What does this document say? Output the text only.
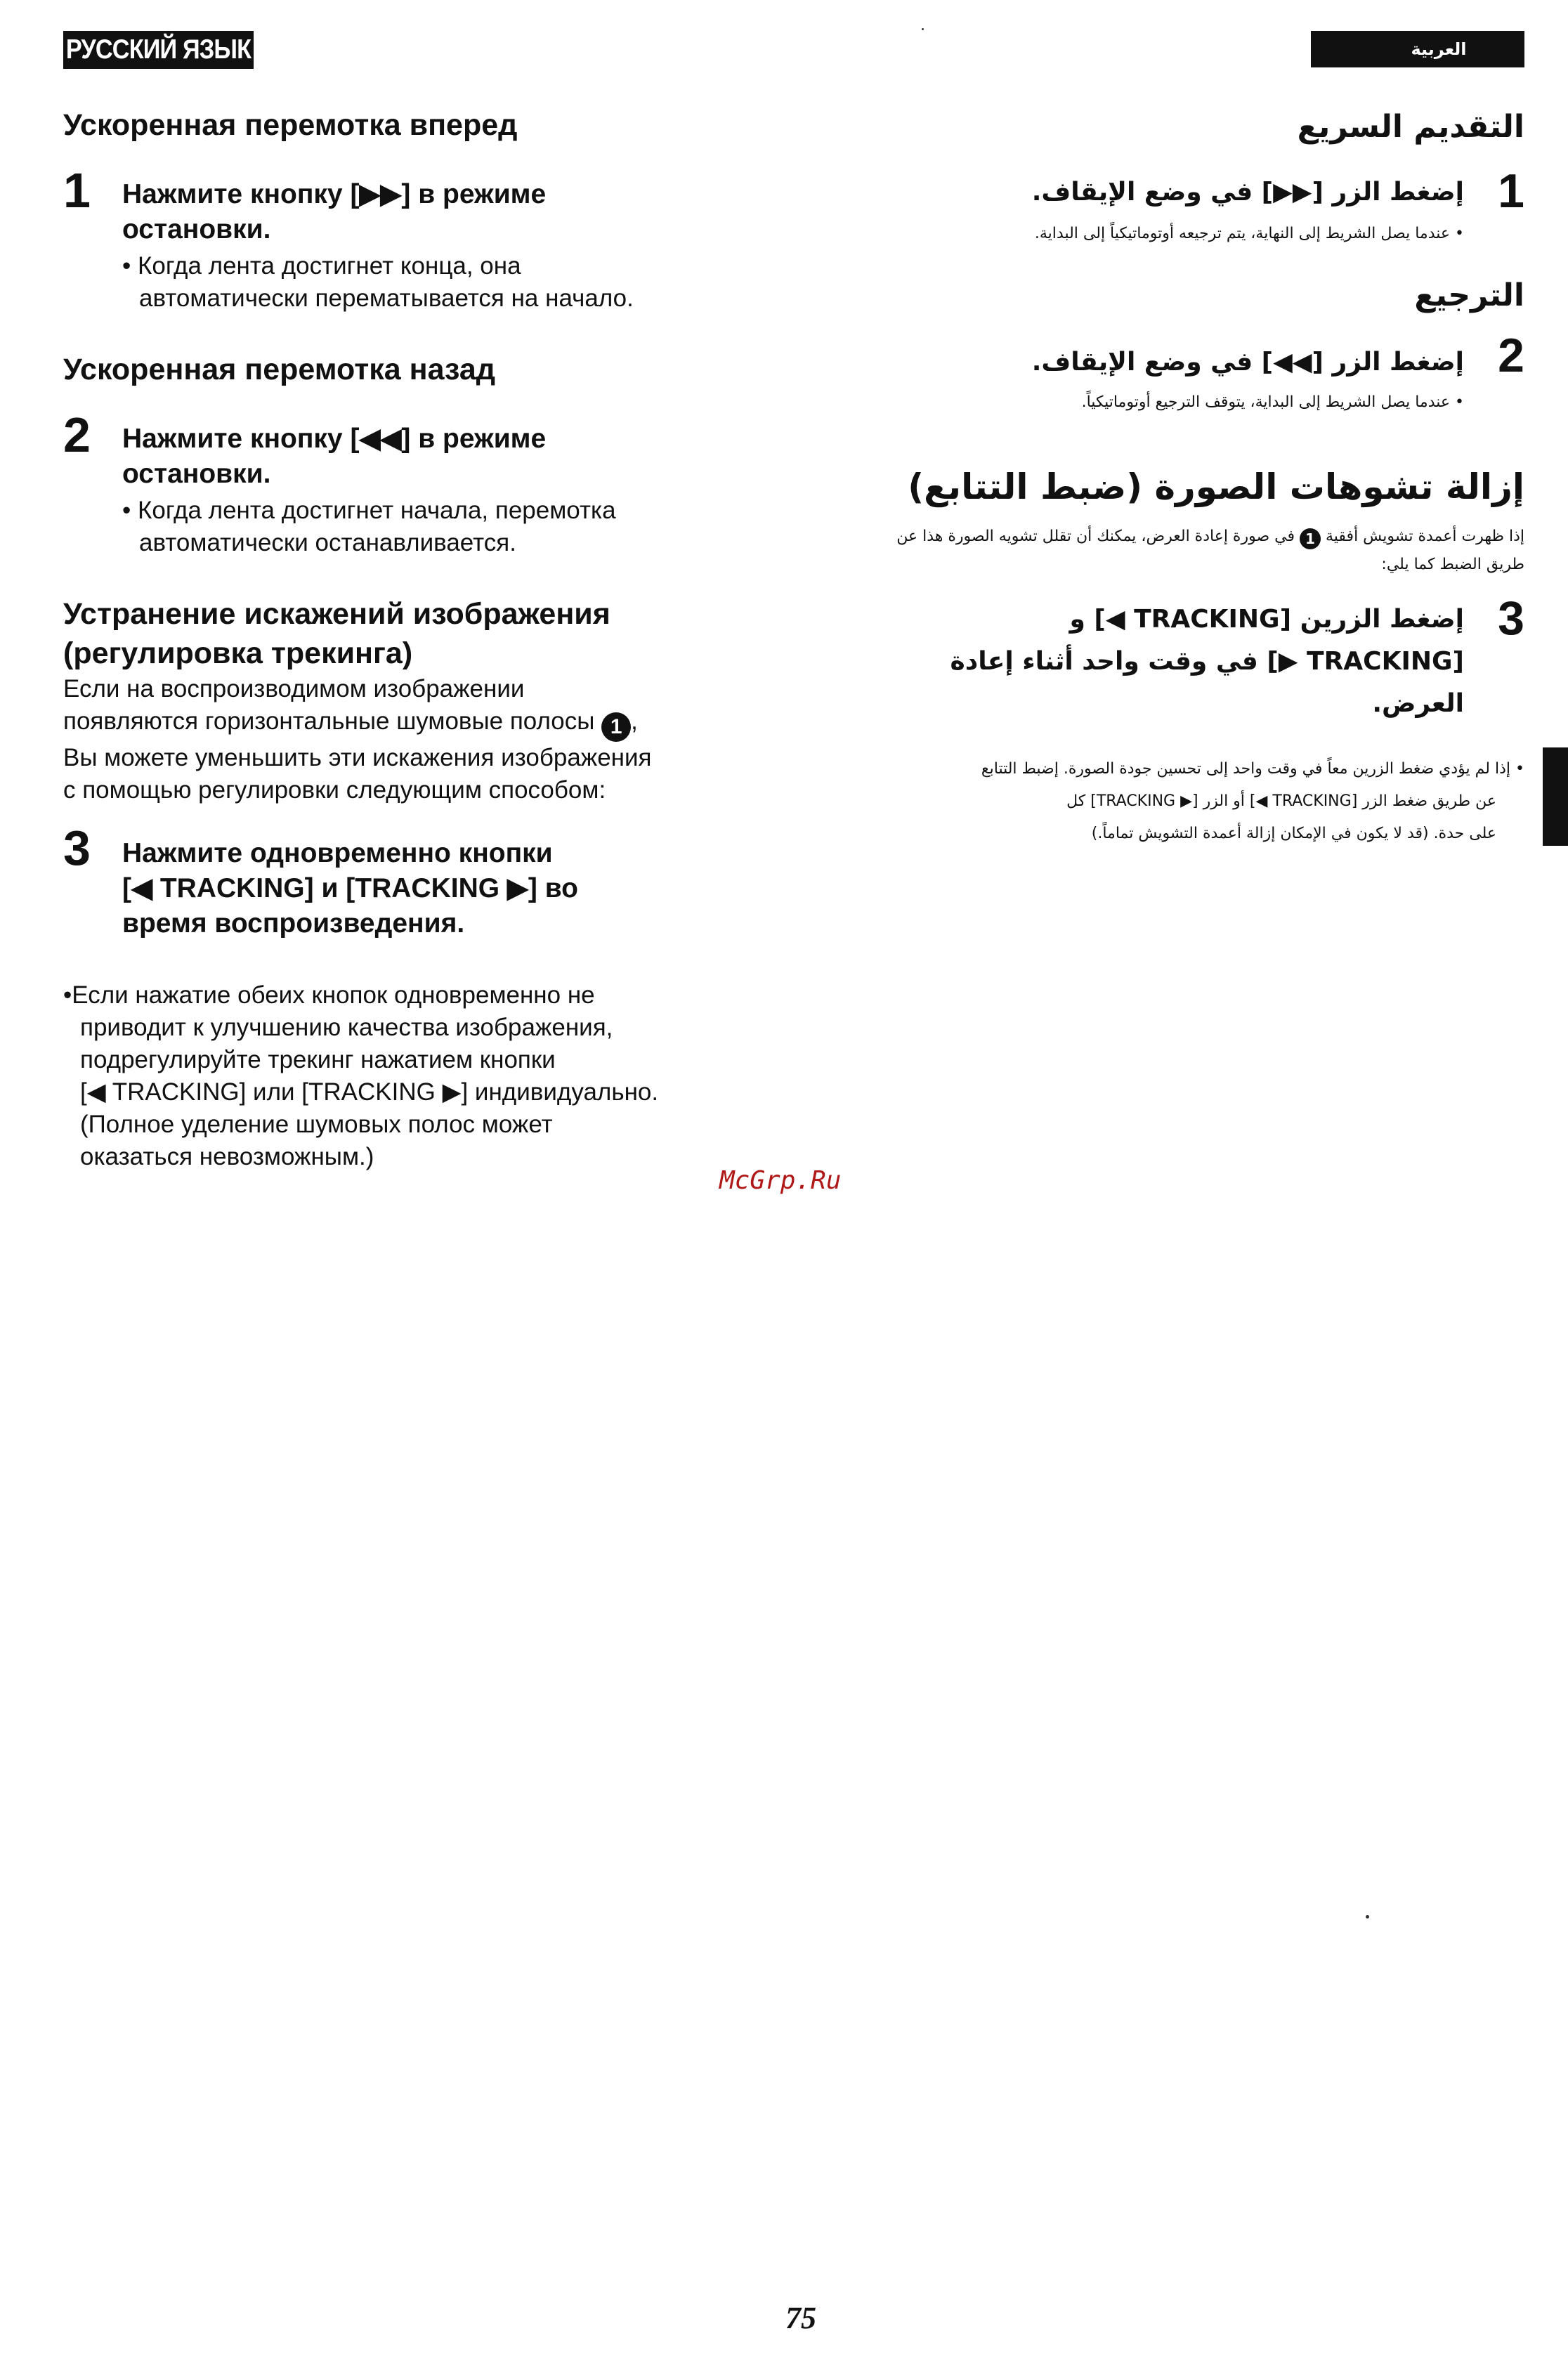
РУССКИЙ ЯЗЫК	العربية
Ускоренная перемотка вперед
1 Нажмите кнопку [▶▶] в режиме
остановки.
• Когда лента достигнет конца, она
автоматически перематывается на начало.
Ускоренная перемотка назад
2 Нажмите кнопку [◀◀] в режиме
остановки.
• Когда лента достигнет начала, перемотка
автоматически останавливается.
Устранение искажений изображения
(регулировка трекинга)
Если на воспроизводимом изображении
появляются горизонтальные шумовые полосы 1 ,
Вы можете уменьшить эти искажения изображения
с помощью регулировки следующим способом:
3 Нажмите одновременно кнопки
[◀ TRACKING] и [TRACKING ▶] во
время воспроизведения.
•Если нажатие обеих кнопок одновременно не
приводит к улучшению качества изображения,
подрегулируйте трекинг нажатием кнопки
[◀ TRACKING] или [TRACKING ▶] индивидуально.
(Полное уделение шумовых полос может
оказаться невозможным.)
التقديم السريع
1
إضغط الزر [▶▶] في وضع الإيقاف.
• عندما يصل الشريط إلى النهاية، يتم ترجيعه أوتوماتيكياً إلى البداية.
الترجيع
2
إضغط الزر [◀◀] في وضع الإيقاف.
• عندما يصل الشريط إلى البداية، يتوقف الترجيع أوتوماتيكياً.
إزالة تشوهات الصورة (ضبط التتابع)
إذا ظهرت أعمدة تشويش أفقية 1 في صورة إعادة العرض، يمكنك أن تقلل تشويه الصورة هذا عن طريق الضبط كما يلي:
3
إضغط الزرين [TRACKING ◀] و
[TRACKING ▶] في وقت واحد أثناء إعادة
العرض.
• إذا لم يؤدي ضغط الزرين معاً في وقت واحد إلى تحسين جودة الصورة. إضبط التتابع
عن طريق ضغط الزر [TRACKING ◀] أو الزر [▶ TRACKING] كل
على حدة. (قد لا يكون في الإمكان إزالة أعمدة التشويش تماماً.)
McGrp.Ru
75
